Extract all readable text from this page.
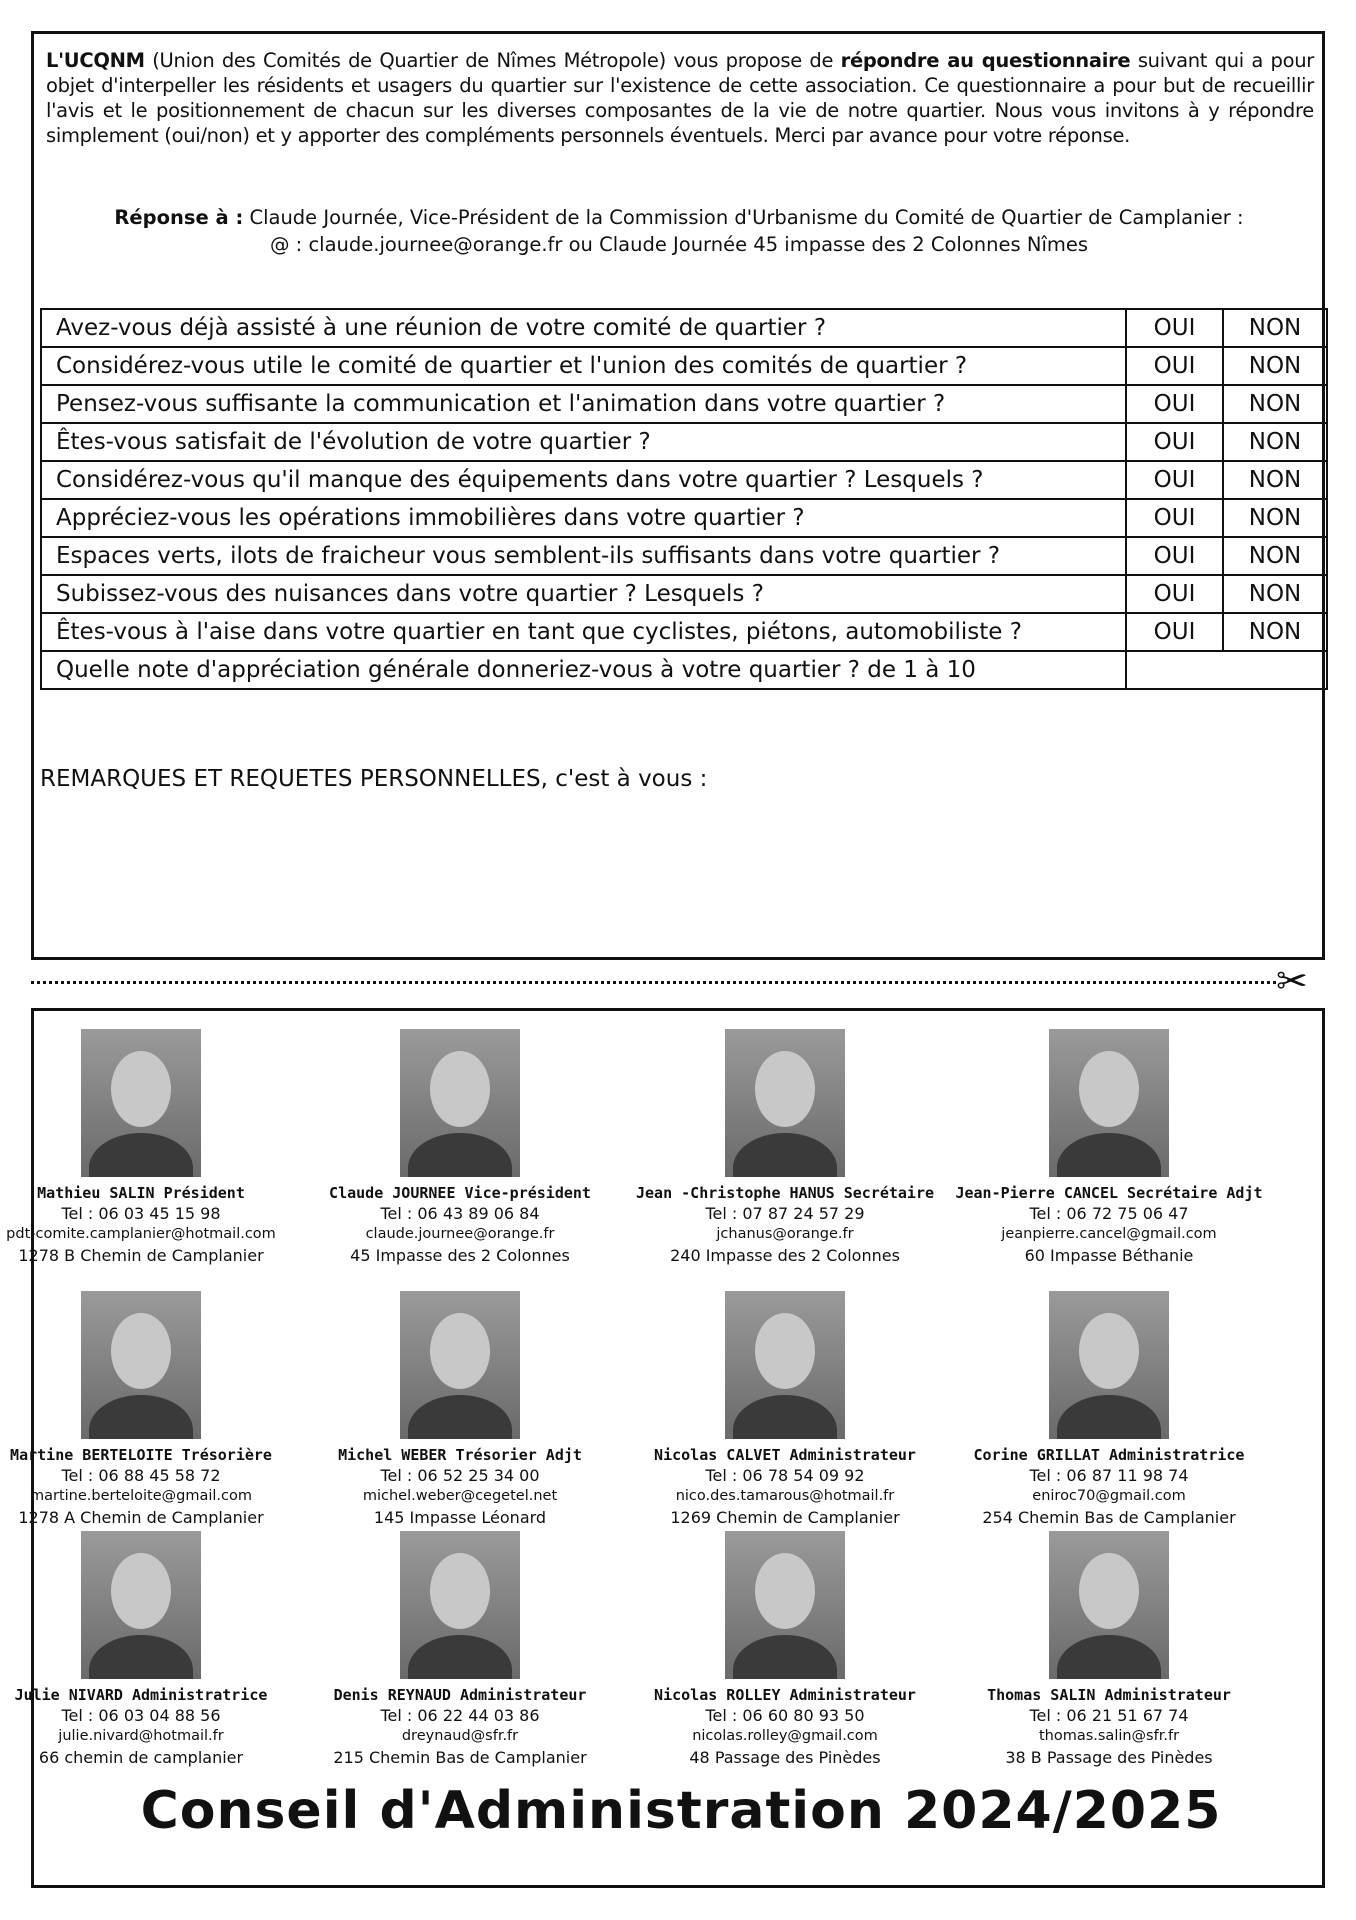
L'UCQNM (Union des Comités de Quartier de Nîmes Métropole) vous propose de répondre au questionnaire suivant qui a pour objet d'interpeller les résidents et usagers du quartier sur l'existence de cette association. Ce questionnaire a pour but de recueillir l'avis et le positionnement de chacun sur les diverses composantes de la vie de notre quartier. Nous vous invitons à y répondre simplement (oui/non) et y apporter des compléments personnels éventuels. Merci par avance pour votre réponse.
Réponse à : Claude Journée, Vice-Président de la Commission d'Urbanisme du Comité de Quartier de Camplanier :
@ : claude.journee@orange.fr ou Claude Journée 45 impasse des 2 Colonnes Nîmes
Avez-vous déjà assisté à une réunion de votre comité de quartier ?	OUI	NON
Considérez-vous utile le comité de quartier et l'union des comités de quartier ?	OUI	NON
Pensez-vous suffisante la communication et l'animation dans votre quartier ?	OUI	NON
Êtes-vous satisfait de l'évolution de votre quartier ?	OUI	NON
Considérez-vous qu'il manque des équipements dans votre quartier ? Lesquels ?	OUI	NON
Appréciez-vous les opérations immobilières dans votre quartier ?	OUI	NON
Espaces verts, ilots de fraicheur vous semblent-ils suffisants dans votre quartier ?	OUI	NON
Subissez-vous des nuisances dans votre quartier ? Lesquels ?	OUI	NON
Êtes-vous à l'aise dans votre quartier en tant que cyclistes, piétons, automobiliste ?	OUI	NON
Quelle note d'appréciation générale donneriez-vous à votre quartier ? de 1 à 10		
REMARQUES ET REQUETES PERSONNELLES, c'est à vous :
✂
Mathieu SALIN Président
Tel : 06 03 45 15 98
pdt-comite.camplanier@hotmail.com
1278 B Chemin de Camplanier
Claude JOURNEE Vice-président
Tel : 06 43 89 06 84
claude.journee@orange.fr
45 Impasse des 2 Colonnes
Jean -Christophe HANUS Secrétaire
Tel : 07 87 24 57 29
jchanus@orange.fr
240 Impasse des 2 Colonnes
Jean-Pierre CANCEL Secrétaire Adjt
Tel : 06 72 75 06 47
jeanpierre.cancel@gmail.com
60 Impasse Béthanie
Martine BERTELOITE Trésorière
Tel : 06 88 45 58 72
martine.berteloite@gmail.com
1278 A Chemin de Camplanier
Michel WEBER Trésorier Adjt
Tel : 06 52 25 34 00
michel.weber@cegetel.net
145 Impasse Léonard
Nicolas CALVET Administrateur
Tel : 06 78 54 09 92
nico.des.tamarous@hotmail.fr
1269 Chemin de Camplanier
Corine GRILLAT Administratrice
Tel : 06 87 11 98 74
eniroc70@gmail.com
254 Chemin Bas de Camplanier
Julie NIVARD Administratrice
Tel : 06 03 04 88 56
julie.nivard@hotmail.fr
66 chemin de camplanier
Denis REYNAUD Administrateur
Tel : 06 22 44 03 86
dreynaud@sfr.fr
215 Chemin Bas de Camplanier
Nicolas ROLLEY Administrateur
Tel : 06 60 80 93 50
nicolas.rolley@gmail.com
48 Passage des Pinèdes
Thomas SALIN Administrateur
Tel : 06 21 51 67 74
thomas.salin@sfr.fr
38 B Passage des Pinèdes
Conseil d'Administration 2024/2025
